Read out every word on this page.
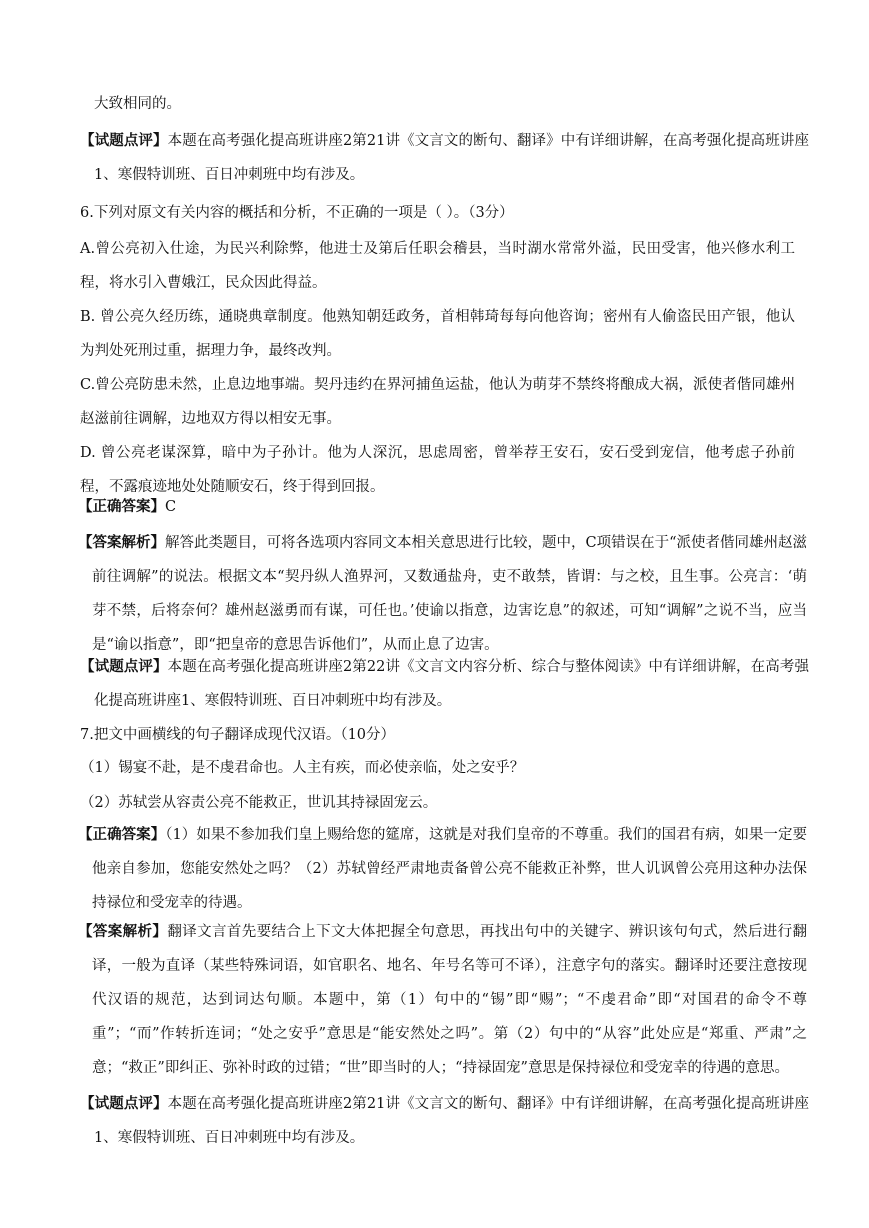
大致相同的。

【试题点评】本题在高考强化提高班讲座2第21讲《文言文的断句、翻译》中有详细讲解，在高考强化提高班讲座1、寒假特训班、百日冲刺班中均有涉及。

6.下列对原文有关内容的概括和分析，不正确的一项是（ ）。（3分）

A.曾公亮初入仕途，为民兴利除弊，他进士及第后任职会稽县，当时湖水常常外溢，民田受害，他兴修水利工程，将水引入曹娥江，民众因此得益。

B. 曾公亮久经历练，通晓典章制度。他熟知朝廷政务，首相韩琦每每向他咨询；密州有人偷盗民田产银，他认为判处死刑过重，据理力争，最终改判。

C.曾公亮防患未然，止息边地事端。契丹违约在界河捕鱼运盐，他认为萌芽不禁终将酿成大祸，派使者偕同雄州赵滋前往调解，边地双方得以相安无事。

D. 曾公亮老谋深算，暗中为子孙计。他为人深沉，思虑周密，曾举荐王安石，安石受到宠信，他考虑子孙前程，不露痕迹地处处随顺安石，终于得到回报。

【正确答案】C

【答案解析】解答此类题目，可将各选项内容同文本相关意思进行比较，题中，C项错误在于“派使者偕同雄州赵滋前往调解”的说法。根据文本“契丹纵人渔界河，又数通盐舟，吏不敢禁，皆谓：与之校，且生事。公亮言：‘萌芽不禁，后将奈何？雄州赵滋勇而有谋，可任也。’使谕以指意，边害讫息”的叙述，可知“调解”之说不当，应当是“谕以指意”，即“把皇帝的意思告诉他们”，从而止息了边害。

【试题点评】本题在高考强化提高班讲座2第22讲《文言文内容分析、综合与整体阅读》中有详细讲解，在高考强化提高班讲座1、寒假特训班、百日冲刺班中均有涉及。

7.把文中画横线的句子翻译成现代汉语。（10分）

（1）锡宴不赴，是不虔君命也。人主有疾，而必使亲临，处之安乎？

（2）苏轼尝从容责公亮不能救正，世讥其持禄固宠云。

【正确答案】（1）如果不参加我们皇上赐给您的筵席，这就是对我们皇帝的不尊重。我们的国君有病，如果一定要他亲自参加，您能安然处之吗？（2）苏轼曾经严肃地责备曾公亮不能救正补弊，世人讥讽曾公亮用这种办法保持禄位和受宠幸的待遇。

【答案解析】翻译文言首先要结合上下文大体把握全句意思，再找出句中的关键字、辨识该句句式，然后进行翻译，一般为直译（某些特殊词语，如官职名、地名、年号名等可不译），注意字句的落实。翻译时还要注意按现代汉语的规范，达到词达句顺。本题中，第（1）句中的“锡”即“赐”；“不虔君命”即“对国君的命令不尊重”；“而”作转折连词；“处之安乎”意思是“能安然处之吗”。第（2）句中的“从容”此处应是“郑重、严肃”之意；“救正”即纠正、弥补时政的过错；“世”即当时的人；“持禄固宠”意思是保持禄位和受宠幸的待遇的意思。

【试题点评】本题在高考强化提高班讲座2第21讲《文言文的断句、翻译》中有详细讲解，在高考强化提高班讲座1、寒假特训班、百日冲刺班中均有涉及。
